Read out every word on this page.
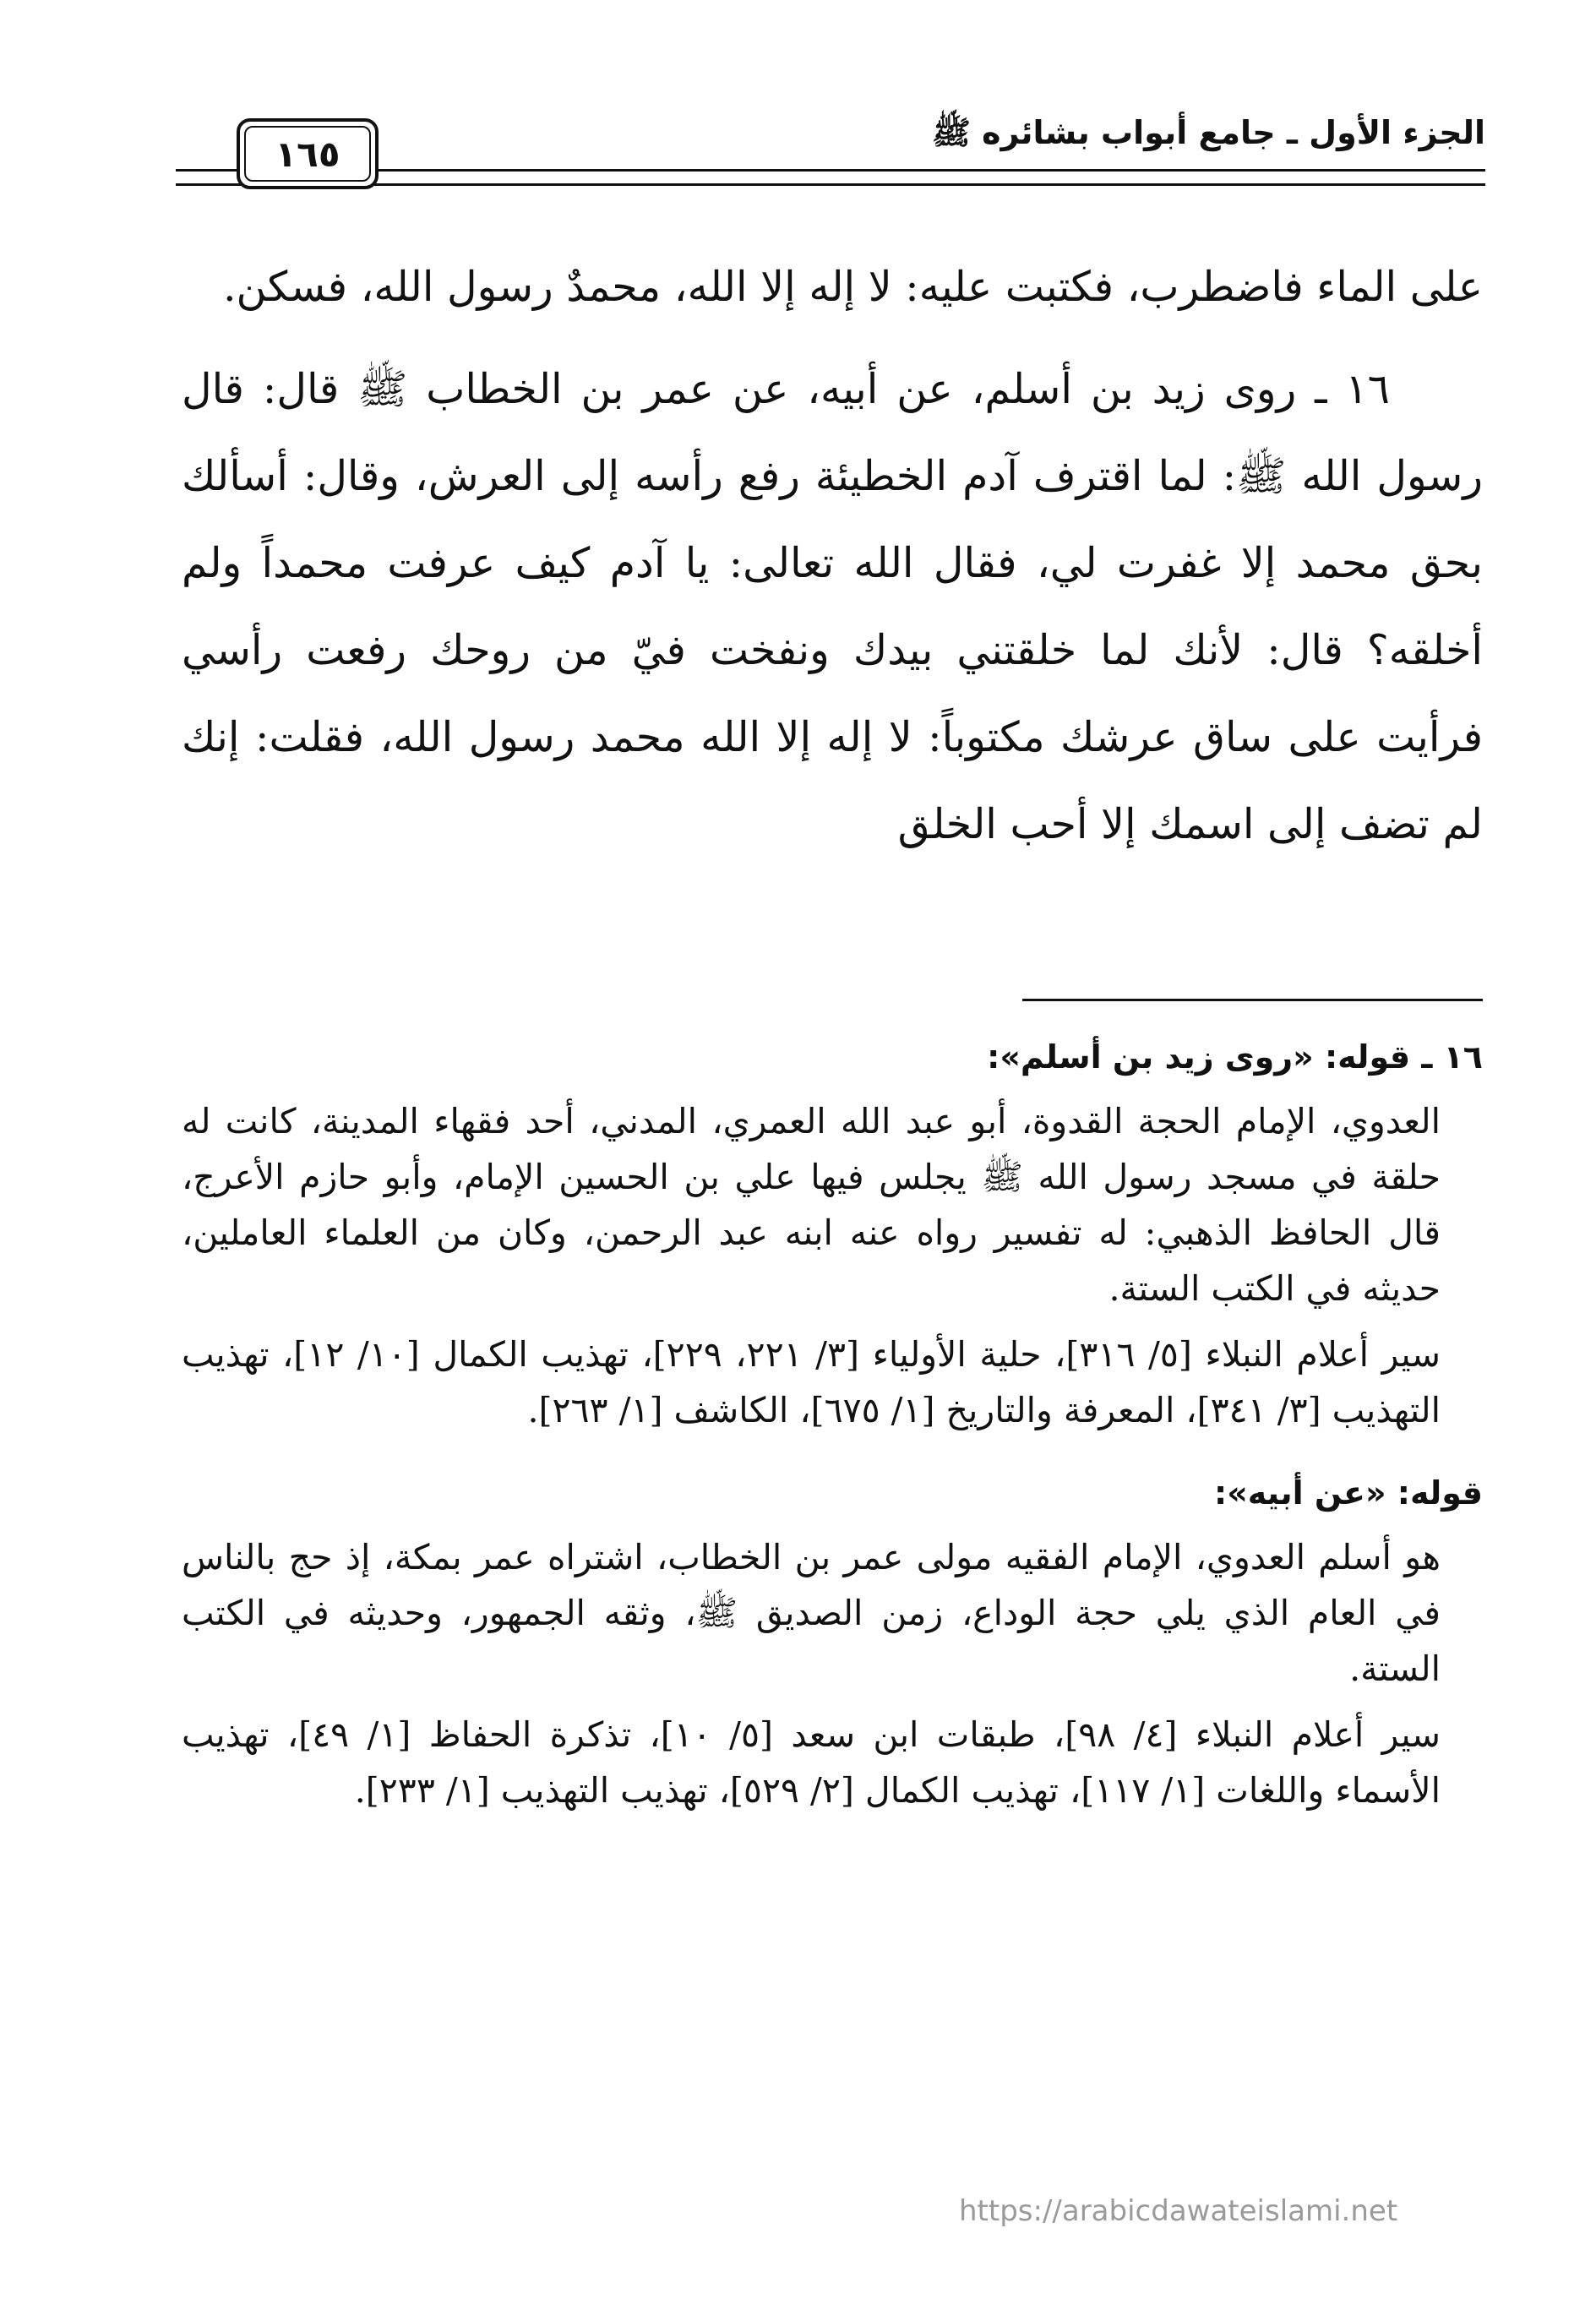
الجزء الأول ـ جامع أبواب بشائره ﷺ
١٦٥

على الماء فاضطرب، فكتبت عليه: لا إله إلا الله، محمدٌ رسول الله، فسكن.

١٦ ـ روى زيد بن أسلم، عن أبيه، عن عمر بن الخطاب ﷺ قال: قال رسول الله ﷺ: لما اقترف آدم الخطيئة رفع رأسه إلى العرش، وقال: أسألك بحق محمد إلا غفرت لي، فقال الله تعالى: يا آدم كيف عرفت محمداً ولم أخلقه؟ قال: لأنك لما خلقتني بيدك ونفخت فيّ من روحك رفعت رأسي فرأيت على ساق عرشك مكتوباً: لا إله إلا الله محمد رسول الله، فقلت: إنك لم تضف إلى اسمك إلا أحب الخلق

١٦ ـ قوله: «روى زيد بن أسلم»:
العدوي، الإمام الحجة القدوة، أبو عبد الله العمري، المدني، أحد فقهاء المدينة، كانت له حلقة في مسجد رسول الله ﷺ يجلس فيها علي بن الحسين الإمام، وأبو حازم الأعرج، قال الحافظ الذهبي: له تفسير رواه عنه ابنه عبد الرحمن، وكان من العلماء العاملين، حديثه في الكتب الستة.
سير أعلام النبلاء [٥/ ٣١٦]، حلية الأولياء [٣/ ٢٢١، ٢٢٩]، تهذيب الكمال [١٠/ ١٢]، تهذيب التهذيب [٣/ ٣٤١]، المعرفة والتاريخ [١/ ٦٧٥]، الكاشف [١/ ٢٦٣].
قوله: «عن أبيه»:
هو أسلم العدوي، الإمام الفقيه مولى عمر بن الخطاب، اشتراه عمر بمكة، إذ حج بالناس في العام الذي يلي حجة الوداع، زمن الصديق ﷺ، وثقه الجمهور، وحديثه في الكتب الستة.
سير أعلام النبلاء [٤/ ٩٨]، طبقات ابن سعد [٥/ ١٠]، تذكرة الحفاظ [١/ ٤٩]، تهذيب الأسماء واللغات [١/ ١١٧]، تهذيب الكمال [٢/ ٥٢٩]، تهذيب التهذيب [١/ ٢٣٣].
https://arabicdawateislami.net
